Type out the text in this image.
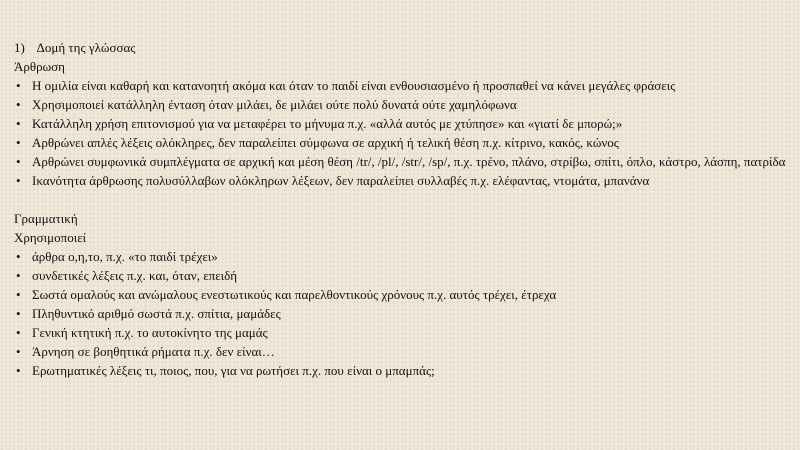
1) Δομή της γλώσσας
Άρθρωση
• Η ομιλία είναι καθαρή και κατανοητή ακόμα και όταν το παιδί είναι ενθουσιασμένο ή προσπαθεί να κάνει μεγάλες φράσεις
• Χρησιμοποιεί κατάλληλη ένταση όταν μιλάει, δε μιλάει ούτε πολύ δυνατά ούτε χαμηλόφωνα
• Κατάλληλη χρήση επιτονισμού για να μεταφέρει το μήνυμα π.χ. «αλλά αυτός με χτύπησε» και «γιατί δε μπορώ;»
• Αρθρώνει απλές λέξεις ολόκληρες, δεν παραλείπει σύμφωνα σε αρχική ή τελική θέση π.χ. κίτρινο, κακός, κώνος
• Αρθρώνει συμφωνικά συμπλέγματα σε αρχική και μέση θέση /tr/, /pl/, /str/, /sp/, π.χ. τρένο, πλάνο, στρίβω, σπίτι, όπλο, κάστρο, λάσπη, πατρίδα
• Ικανότητα άρθρωσης πολυσύλλαβων ολόκληρων λέξεων, δεν παραλείπει συλλαβές π.χ. ελέφαντας, ντομάτα, μπανάνα
Γραμματική
Χρησιμοποιεί
• άρθρα ο,η,το, π.χ. «το παιδί τρέχει»
• συνδετικές λέξεις π.χ. και, όταν, επειδή
• Σωστά ομαλούς και ανώμαλους ενεστωτικούς και παρελθοντικούς χρόνους π.χ. αυτός τρέχει, έτρεχα
• Πληθυντικό αριθμό σωστά π.χ. σπίτια, μαμάδες
• Γενική κτητική π.χ. το αυτοκίνητο της μαμάς
• Άρνηση σε βοηθητικά ρήματα π.χ. δεν είναι…
• Ερωτηματικές λέξεις τι, ποιος, που, για να ρωτήσει π.χ. που είναι ο μπαμπάς;
